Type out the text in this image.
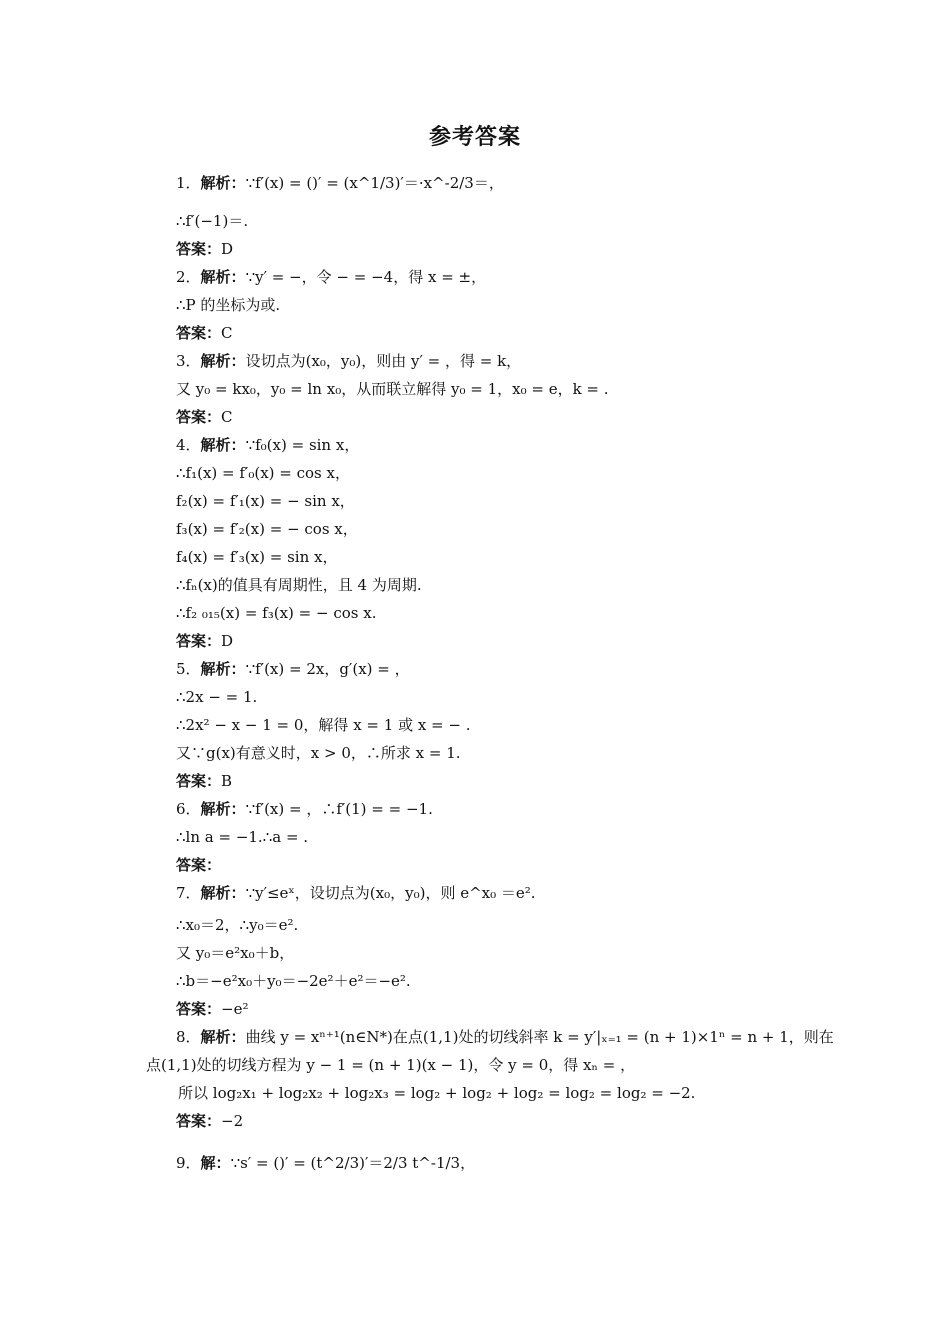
参考答案
1．解析：∵f′(x) = ()′ = (x^1/3)′＝·x^-2/3＝，
∴f′(−1)＝.
答案：D
2．解析：∵y′ = −，令 − = −4，得 x = ±，
∴P 的坐标为或.
答案：C
3．解析：设切点为(x₀，y₀)，则由 y′ = ，得 = k，
又 y₀ = kx₀，y₀ = ln x₀，从而联立解得 y₀ = 1，x₀ = e，k = .
答案：C
4．解析：∵f₀(x) = sin x，
∴f₁(x) = f′₀(x) = cos x，
f₂(x) = f′₁(x) = − sin x，
f₃(x) = f′₂(x) = − cos x，
f₄(x) = f′₃(x) = sin x，
∴fₙ(x)的值具有周期性，且 4 为周期.
∴f₂ ₀₁₅(x) = f₃(x) = − cos x.
答案：D
5．解析：∵f′(x) = 2x，g′(x) = ，
∴2x − = 1.
∴2x² − x − 1 = 0，解得 x = 1 或 x = − .
又∵g(x)有意义时，x > 0，∴所求 x = 1.
答案：B
6．解析：∵f′(x) = ，∴f′(1) = = −1.
∴ln a = −1.∴a = .
答案：
7．解析：∵y′≤eˣ，设切点为(x₀，y₀)，则 e^x₀ ＝e².
∴x₀＝2，∴y₀＝e².
又 y₀＝e²x₀＋b，
∴b＝−e²x₀＋y₀＝−2e²＋e²＝−e².
答案：−e²
8．解析：曲线 y = xⁿ⁺¹(n∈N*)在点(1,1)处的切线斜率 k = y′|ₓ₌₁ = (n + 1)×1ⁿ = n + 1，则在
点(1,1)处的切线方程为 y − 1 = (n + 1)(x − 1)，令 y = 0，得 xₙ = ，
所以 log₂x₁ + log₂x₂ + log₂x₃ = log₂ + log₂ + log₂ = log₂ = log₂ = −2.
答案：−2
9．解：∵s′ = ()′ = (t^2/3)′＝2/3 t^-1/3，
